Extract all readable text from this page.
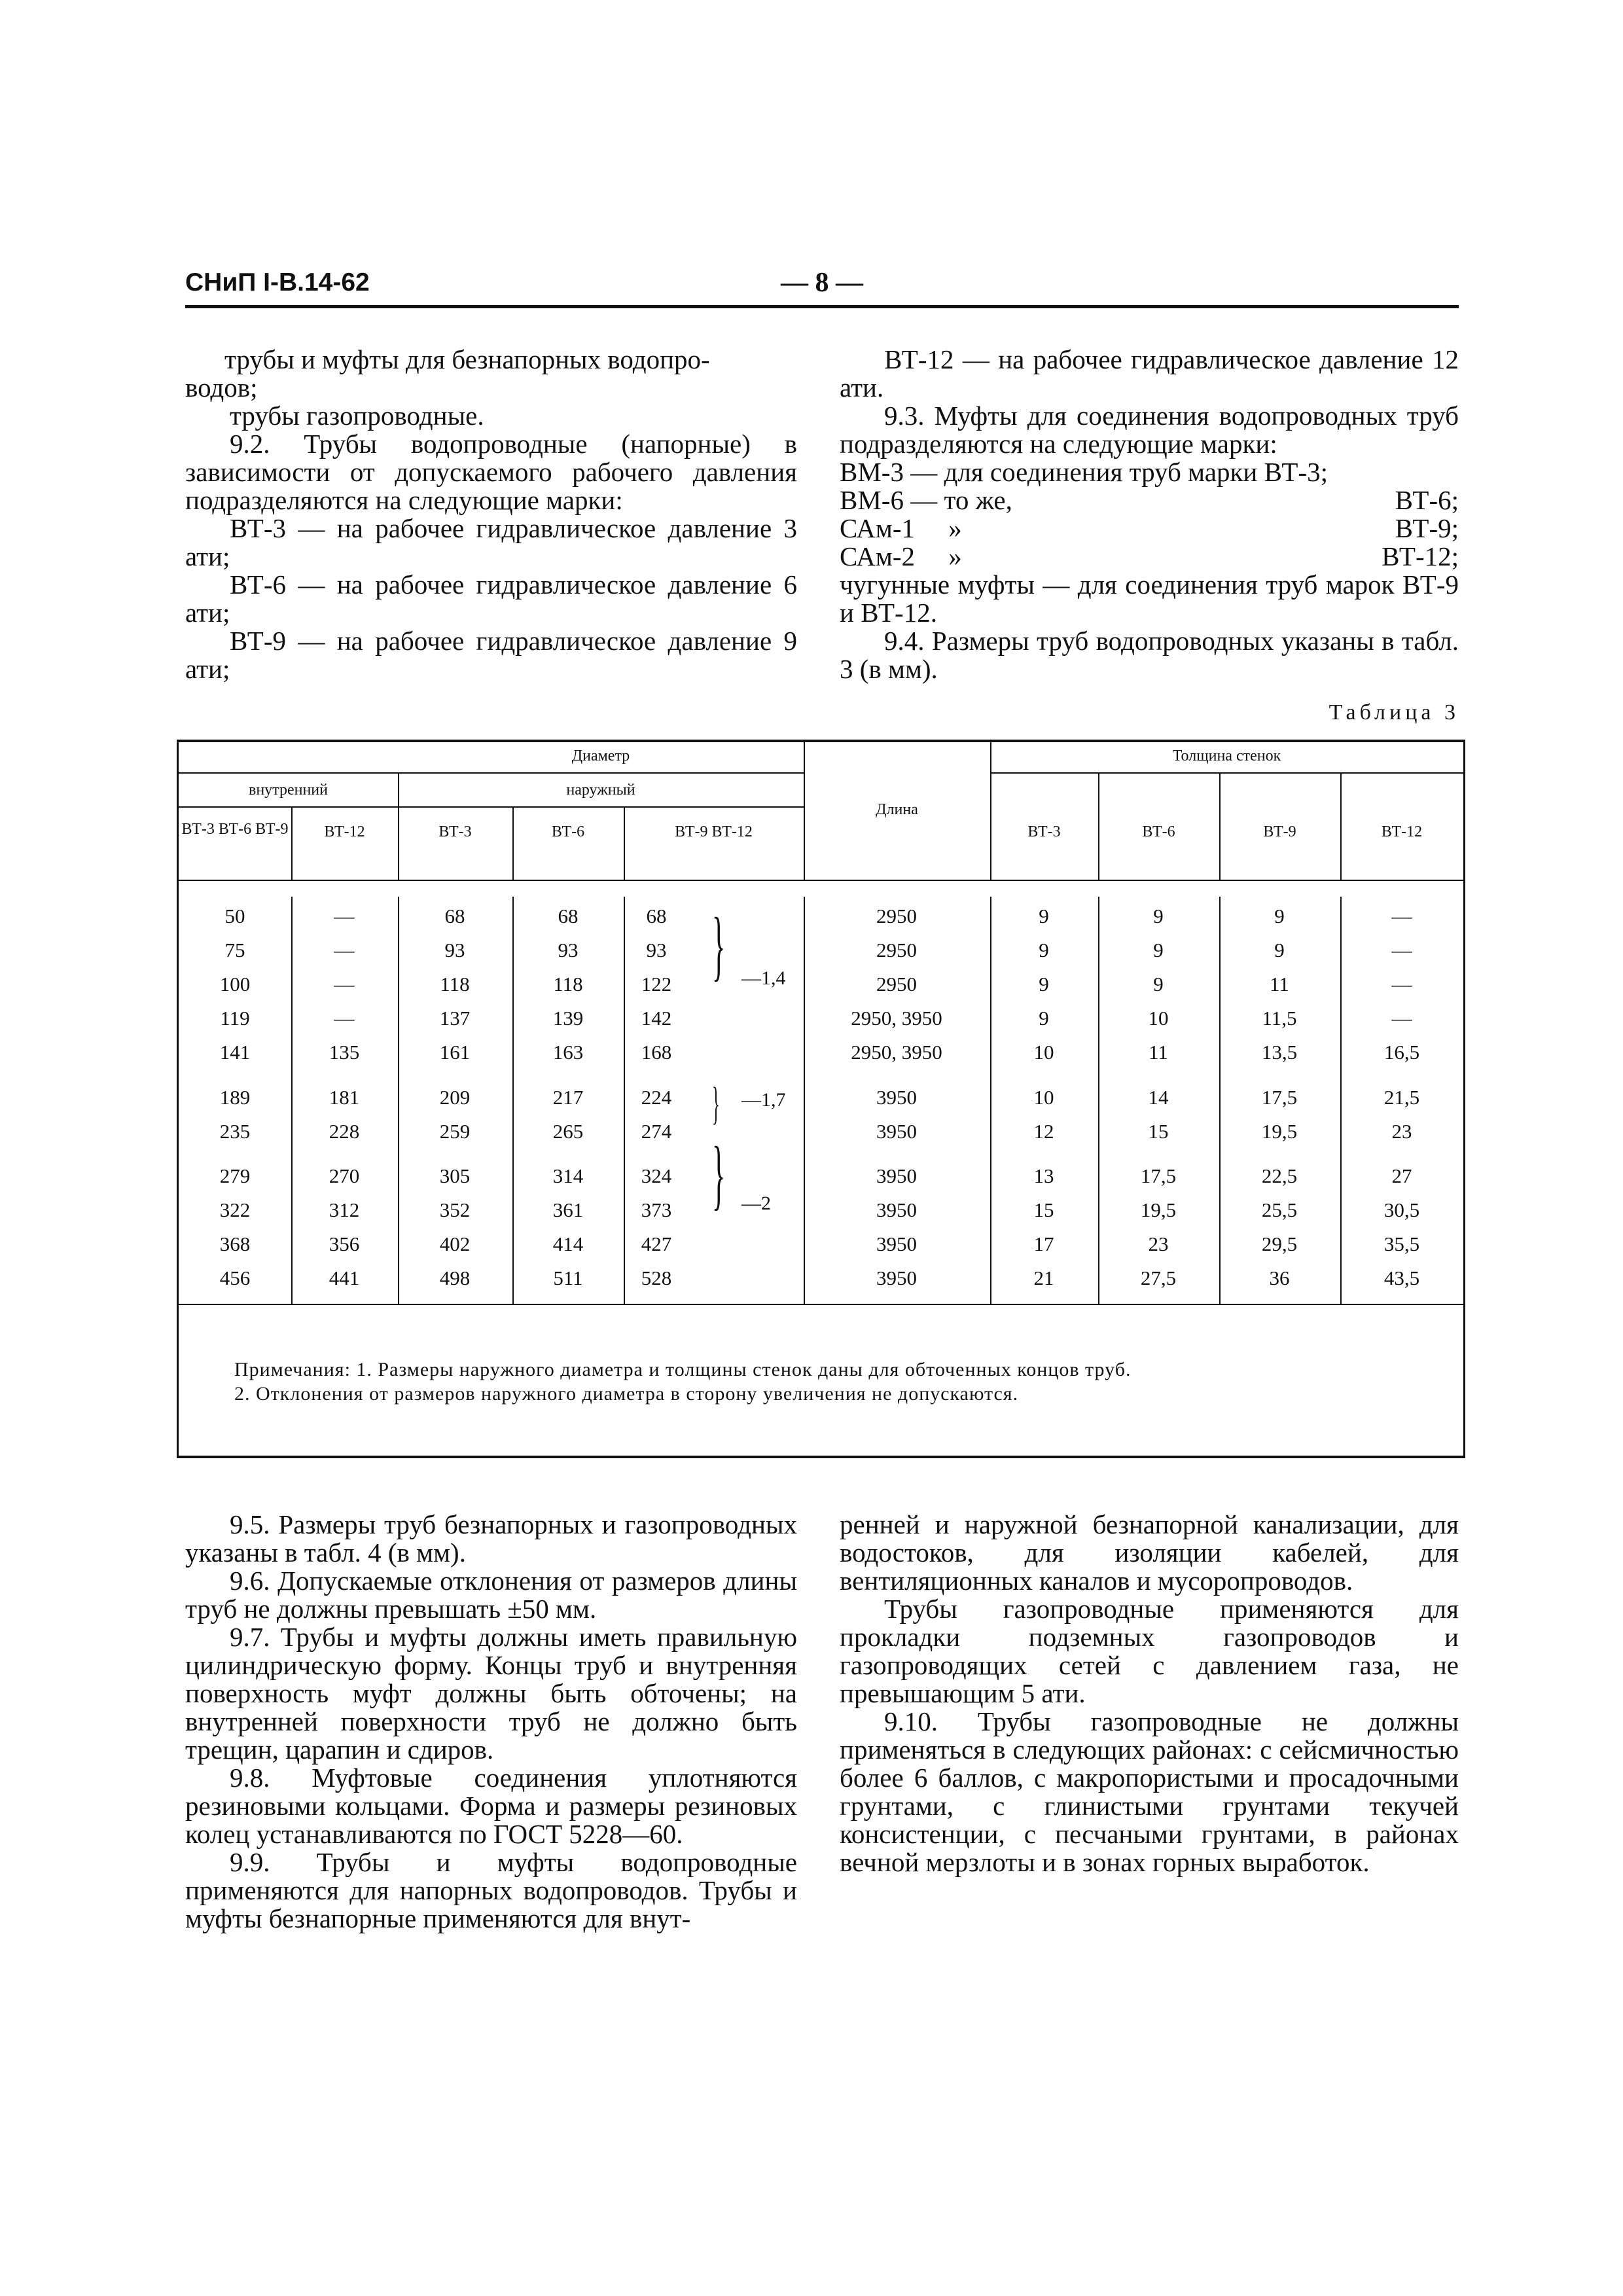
СНиП I-В.14-62	— 8 —

трубы и муфты для безнапорных водопро-

водов;

трубы газопроводные.

9.2. Трубы водопроводные (напорные) в зависимости от допускаемого рабочего давления подразделяются на следующие марки:

ВТ-3 — на рабочее гидравлическое давление 3 ати;

ВТ-6 — на рабочее гидравлическое давление 6 ати;

ВТ-9 — на рабочее гидравлическое давление 9 ати;

ВТ-12 — на рабочее гидравлическое давление 12 ати.

9.3. Муфты для соединения водопроводных труб подразделяются на следующие марки:

ВМ-3 — для соединения труб марки ВТ-3;
ВМ-6 — то же,	ВТ-6;
САм-1     »	ВТ-9;
САм-2     »	ВТ-12;

чугунные муфты — для соединения труб марок ВТ-9 и ВТ-12.

9.4. Размеры труб водопроводных указаны в табл. 3 (в мм).

Таблица 3
Диаметр
внутренний	наружный
Длина
Толщина стенок
ВТ-3 ВТ-6 ВТ-9	ВТ-12	ВТ-3	ВТ-6	ВТ-9 ВТ-12	ВТ-3	ВТ-6	ВТ-9	ВТ-12
50	—	68	68	68	2950	9	9	9	—
75	—	93	93	93	2950	9	9	9	—
100	—	118	118	122	2950	9	9	11	—
119	—	137	139	142	2950, 3950	9	10	11,5	—
141	135	161	163	168	2950, 3950	10	11	13,5	16,5
189	181	209	217	224	3950	10	14	17,5	21,5
235	228	259	265	274	3950	12	15	19,5	23
279	270	305	314	324	3950	13	17,5	22,5	27
322	312	352	361	373	3950	15	19,5	25,5	30,5
368	356	402	414	427	3950	17	23	29,5	35,5
456	441	498	511	528	3950	21	27,5	36	43,5
} —1,4
} —1,7
} —2
Примечания: 1. Размеры наружного диаметра и толщины стенок даны для обточенных концов труб.
2. Отклонения от размеров наружного диаметра в сторону увеличения не допускаются.

9.5. Размеры труб безнапорных и газопроводных указаны в табл. 4 (в мм).

9.6. Допускаемые отклонения от размеров длины труб не должны превышать ±50 мм.

9.7. Трубы и муфты должны иметь правильную цилиндрическую форму. Концы труб и внутренняя поверхность муфт должны быть обточены; на внутренней поверхности труб не должно быть трещин, царапин и сдиров.

9.8. Муфтовые соединения уплотняются резиновыми кольцами. Форма и размеры резиновых колец устанавливаются по ГОСТ 5228—60.

9.9. Трубы и муфты водопроводные применяются для напорных водопроводов. Трубы и муфты безнапорные применяются для внут-

ренней и наружной безнапорной канализации, для водостоков, для изоляции кабелей, для вентиляционных каналов и мусоропроводов.

Трубы газопроводные применяются для прокладки подземных газопроводов и газопроводящих сетей с давлением газа, не превышающим 5 ати.

9.10. Трубы газопроводные не должны применяться в следующих районах: с сейсмичностью более 6 баллов, с макропористыми и просадочными грунтами, с глинистыми грунтами текучей консистенции, с песчаными грунтами, в районах вечной мерзлоты и в зонах горных выработок.
